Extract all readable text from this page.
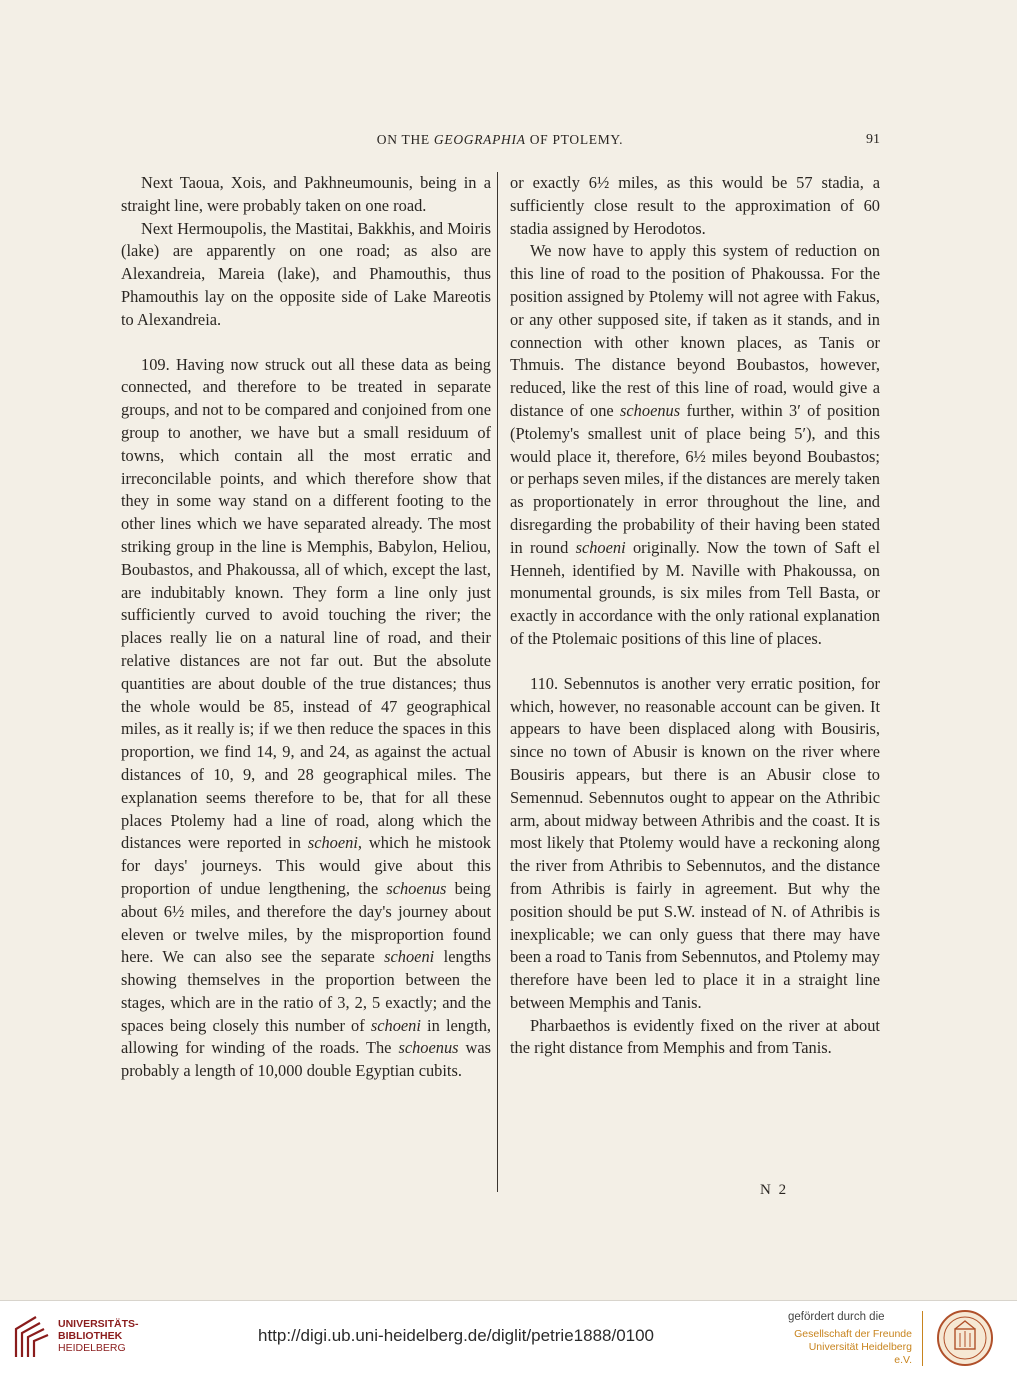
ON THE GEOGRAPHIA OF PTOLEMY.	91

Next Taoua, Xois, and Pakhneumounis, being in a straight line, were probably taken on one road.

Next Hermoupolis, the Mastitai, Bakkhis, and Moiris (lake) are apparently on one road; as also are Alexandreia, Mareia (lake), and Phamouthis, thus Phamouthis lay on the opposite side of Lake Mareotis to Alexandreia.

109. Having now struck out all these data as being connected, and therefore to be treated in separate groups, and not to be compared and conjoined from one group to another, we have but a small residuum of towns, which contain all the most erratic and irreconcilable points, and which therefore show that they in some way stand on a different footing to the other lines which we have separated already. The most striking group in the line is Memphis, Babylon, Heliou, Boubastos, and Phakoussa, all of which, except the last, are indubitably known. They form a line only just sufficiently curved to avoid touching the river; the places really lie on a natural line of road, and their relative distances are not far out. But the absolute quantities are about double of the true distances; thus the whole would be 85, instead of 47 geographical miles, as it really is; if we then reduce the spaces in this proportion, we find 14, 9, and 24, as against the actual distances of 10, 9, and 28 geographical miles. The explanation seems therefore to be, that for all these places Ptolemy had a line of road, along which the distances were reported in schoeni, which he mistook for days' journeys. This would give about this proportion of undue lengthening, the schoenus being about 6½ miles, and therefore the day's journey about eleven or twelve miles, by the misproportion found here. We can also see the separate schoeni lengths showing themselves in the proportion between the stages, which are in the ratio of 3, 2, 5 exactly; and the spaces being closely this number of schoeni in length, allowing for winding of the roads. The schoenus was probably a length of 10,000 double Egyptian cubits.

or exactly 6½ miles, as this would be 57 stadia, a sufficiently close result to the approximation of 60 stadia assigned by Herodotos.

We now have to apply this system of reduction on this line of road to the position of Phakoussa. For the position assigned by Ptolemy will not agree with Fakus, or any other supposed site, if taken as it stands, and in connection with other known places, as Tanis or Thmuis. The distance beyond Boubastos, however, reduced, like the rest of this line of road, would give a distance of one schoenus further, within 3′ of position (Ptolemy's smallest unit of place being 5′), and this would place it, therefore, 6½ miles beyond Boubastos; or perhaps seven miles, if the distances are merely taken as proportionately in error throughout the line, and disregarding the probability of their having been stated in round schoeni originally. Now the town of Saft el Henneh, identified by M. Naville with Phakoussa, on monumental grounds, is six miles from Tell Basta, or exactly in accordance with the only rational explanation of the Ptolemaic positions of this line of places.

110. Sebennutos is another very erratic position, for which, however, no reasonable account can be given. It appears to have been displaced along with Bousiris, since no town of Abusir is known on the river where Bousiris appears, but there is an Abusir close to Semennud. Sebennutos ought to appear on the Athribic arm, about midway between Athribis and the coast. It is most likely that Ptolemy would have a reckoning along the river from Athribis to Sebennutos, and the distance from Athribis is fairly in agreement. But why the position should be put S.W. instead of N. of Athribis is inexplicable; we can only guess that there may have been a road to Tanis from Sebennutos, and Ptolemy may therefore have been led to place it in a straight line between Memphis and Tanis.

Pharbaethos is evidently fixed on the river at about the right distance from Memphis and from Tanis.

N 2
UNIVERSITÄTS-
BIBLIOTHEK
HEIDELBERG
http://digi.ub.uni-heidelberg.de/diglit/petrie1888/0100
gefördert durch die
Gesellschaft der Freunde
Universität Heidelberg e.V.
